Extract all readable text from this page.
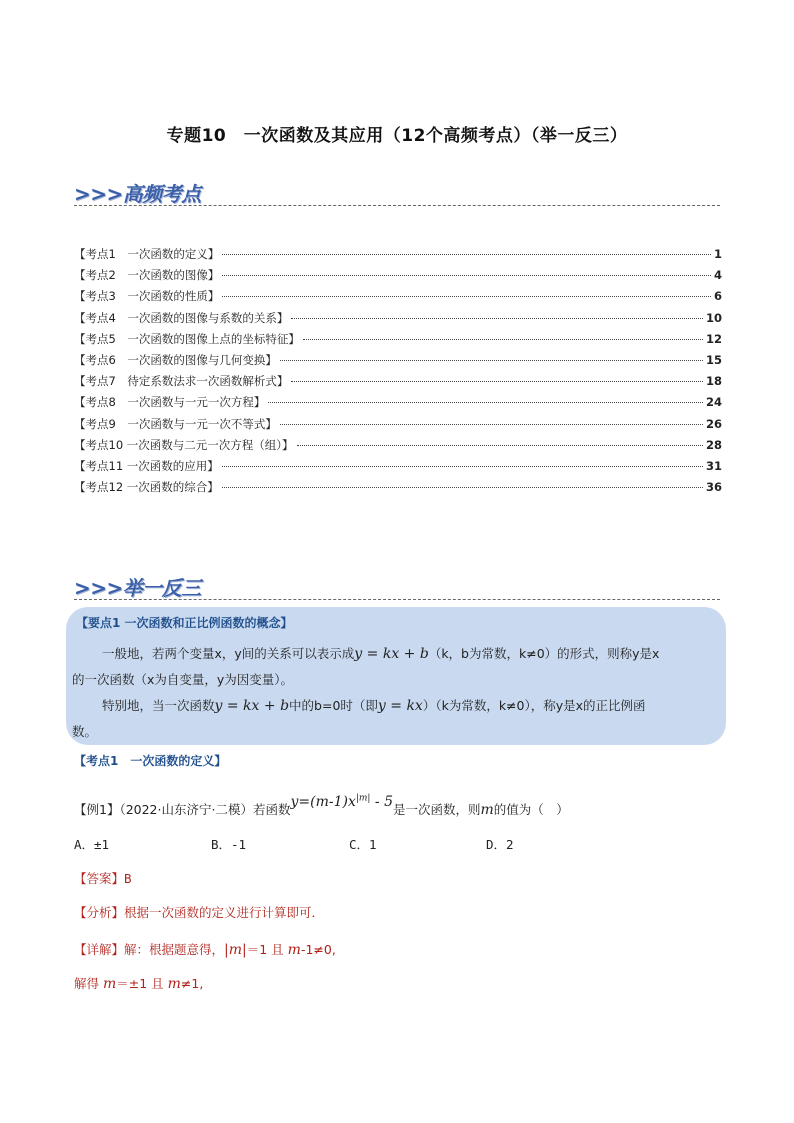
专题10　一次函数及其应用（12个高频考点）（举一反三）
>>>高频考点
【考点1　一次函数的定义】	1
【考点2　一次函数的图像】	4
【考点3　一次函数的性质】	6
【考点4　一次函数的图像与系数的关系】	10
【考点5　一次函数的图像上点的坐标特征】	12
【考点6　一次函数的图像与几何变换】	15
【考点7　待定系数法求一次函数解析式】	18
【考点8　一次函数与一元一次方程】	24
【考点9　一次函数与一元一次不等式】	26
【考点10 一次函数与二元一次方程（组）】	28
【考点11 一次函数的应用】	31
【考点12 一次函数的综合】	36
>>>举一反三
【要点1 一次函数和正比例函数的概念】

一般地，若两个变量x，y间的关系可以表示成y = kx + b（k，b为常数，k≠0）的形式，则称y是x

的一次函数（x为自变量，y为因变量）。

特别地，当一次函数y = kx + b中的b=0时（即y = kx）（k为常数，k≠0），称y是x的正比例函

数。

【考点1　一次函数的定义】
【例1】（2022·山东济宁·二模）若函数$y=(m-1)x^{|m|} - 5$是一次函数，则m的值为（　）
A．±1	B．-1	C．1	D．2
【答案】B
【分析】根据一次函数的定义进行计算即可．
【详解】解：根据题意得，|m|＝1 且 m-1≠0,
解得 m＝±1 且 m≠1,
